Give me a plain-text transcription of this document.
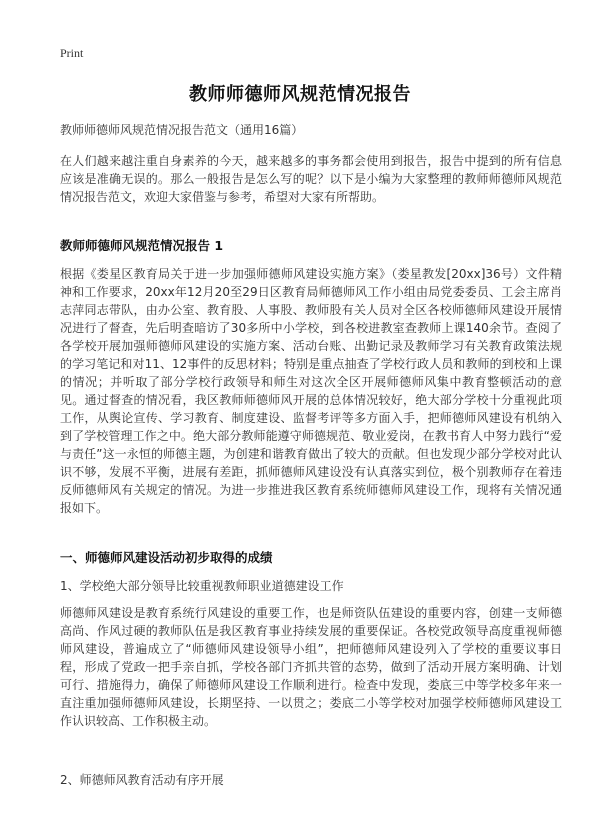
Print
教师师德师风规范情况报告
教师师德师风规范情况报告范文（通用16篇）

在人们越来越注重自身素养的今天，越来越多的事务都会使用到报告，报告中提到的所有信息应该是准确无误的。那么一般报告是怎么写的呢？以下是小编为大家整理的教师师德师风规范情况报告范文，欢迎大家借鉴与参考，希望对大家有所帮助。

教师师德师风规范情况报告 1

根据《娄星区教育局关于进一步加强师德师风建设实施方案》（娄星教发[20xx]36号）文件精神和工作要求，20xx年12月20至29日区教育局师德师风工作小组由局党委委员、工会主席肖志萍同志带队，由办公室、教育股、人事股、教师股有关人员对全区各校师德师风建设开展情况进行了督查，先后明查暗访了30多所中小学校，到各校进教室查教师上课140余节。查阅了各学校开展加强师德师风建设的实施方案、活动台账、出勤记录及教师学习有关教育政策法规的学习笔记和对11、12事件的反思材料；特别是重点抽查了学校行政人员和教师的到校和上课的情况；并听取了部分学校行政领导和师生对这次全区开展师德师风集中教育整顿活动的意见。通过督查的情况看，我区教师师德师风开展的总体情况较好，绝大部分学校十分重视此项工作，从舆论宣传、学习教育、制度建设、监督考评等多方面入手，把师德师风建设有机纳入到了学校管理工作之中。绝大部分教师能遵守师德规范、敬业爱岗，在教书育人中努力践行“爱与责任”这一永恒的师德主题，为创建和谐教育做出了较大的贡献。但也发现少部分学校对此认识不够，发展不平衡，进展有差距，抓师德师风建设没有认真落实到位，极个别教师存在着违反师德师风有关规定的情况。为进一步推进我区教育系统师德师风建设工作，现将有关情况通报如下。

一、师德师风建设活动初步取得的成绩
1、学校绝大部分领导比较重视教师职业道德建设工作

师德师风建设是教育系统行风建设的重要工作，也是师资队伍建设的重要内容，创建一支师德高尚、作风过硬的教师队伍是我区教育事业持续发展的重要保证。各校党政领导高度重视师德师风建设，普遍成立了“师德师风建设领导小组”，把师德师风建设列入了学校的重要议事日程，形成了党政一把手亲自抓，学校各部门齐抓共管的态势，做到了活动开展方案明确、计划可行、措施得力，确保了师德师风建设工作顺利进行。检查中发现，娄底三中等学校多年来一直注重加强师德师风建设，长期坚持、一以贯之；娄底二小等学校对加强学校师德师风建设工作认识较高、工作积极主动。

2、师德师风教育活动有序开展
